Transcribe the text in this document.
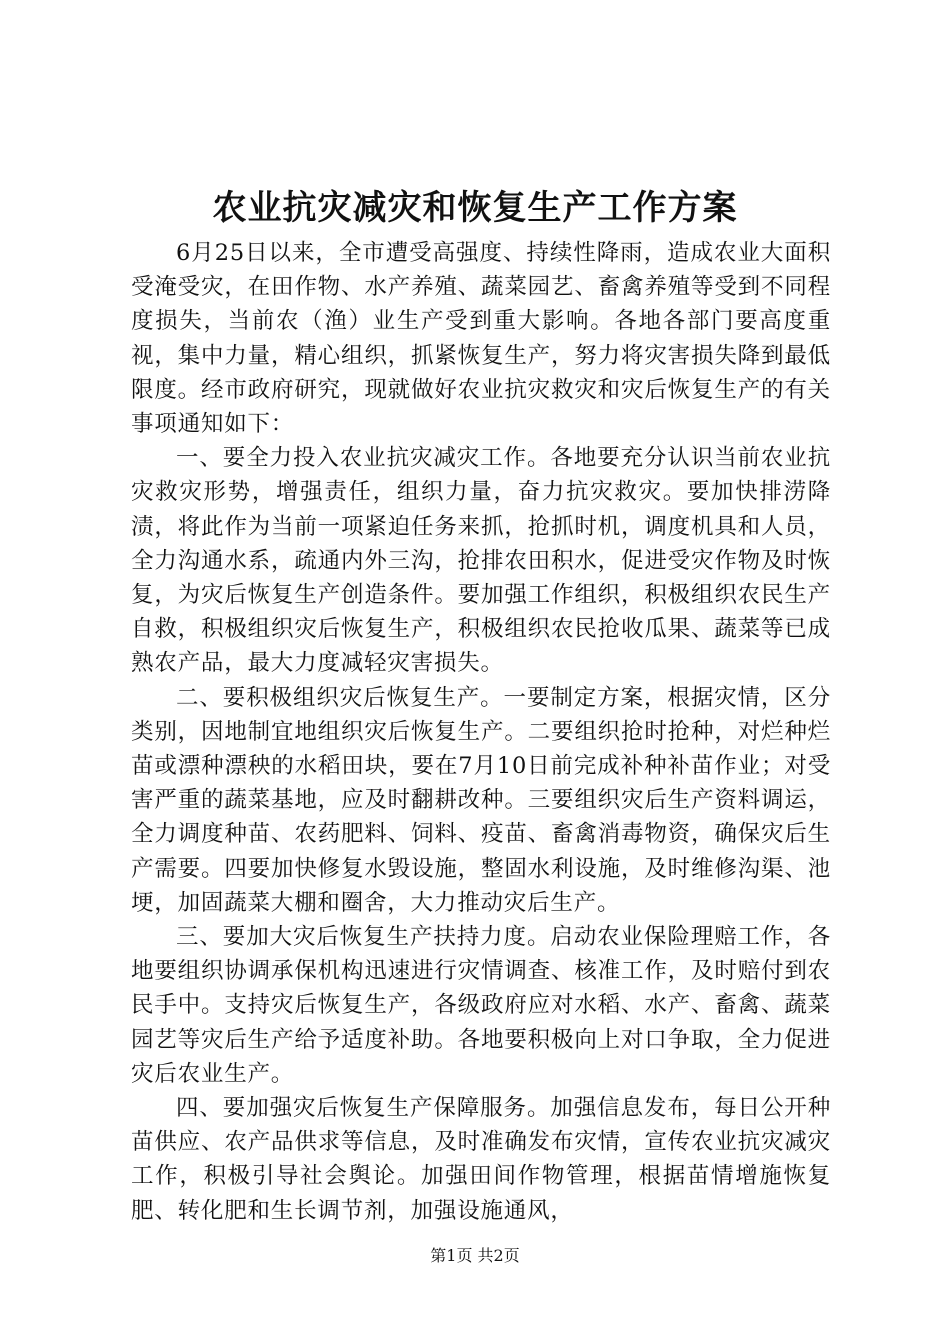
农业抗灾减灾和恢复生产工作方案

6月25日以来，全市遭受高强度、持续性降雨，造成农业大面积受淹受灾，在田作物、水产养殖、蔬菜园艺、畜禽养殖等受到不同程度损失，当前农（渔）业生产受到重大影响。各地各部门要高度重视，集中力量，精心组织，抓紧恢复生产，努力将灾害损失降到最低限度。经市政府研究，现就做好农业抗灾救灾和灾后恢复生产的有关事项通知如下：

一、要全力投入农业抗灾减灾工作。各地要充分认识当前农业抗灾救灾形势，增强责任，组织力量，奋力抗灾救灾。要加快排涝降渍，将此作为当前一项紧迫任务来抓，抢抓时机，调度机具和人员，全力沟通水系，疏通内外三沟，抢排农田积水，促进受灾作物及时恢复，为灾后恢复生产创造条件。要加强工作组织，积极组织农民生产自救，积极组织灾后恢复生产，积极组织农民抢收瓜果、蔬菜等已成熟农产品，最大力度减轻灾害损失。

二、要积极组织灾后恢复生产。一要制定方案，根据灾情，区分类别，因地制宜地组织灾后恢复生产。二要组织抢时抢种，对烂种烂苗或漂种漂秧的水稻田块，要在7月10日前完成补种补苗作业；对受害严重的蔬菜基地，应及时翻耕改种。三要组织灾后生产资料调运，全力调度种苗、农药肥料、饲料、疫苗、畜禽消毒物资，确保灾后生产需要。四要加快修复水毁设施，整固水利设施，及时维修沟渠、池埂，加固蔬菜大棚和圈舍，大力推动灾后生产。

三、要加大灾后恢复生产扶持力度。启动农业保险理赔工作，各地要组织协调承保机构迅速进行灾情调查、核准工作，及时赔付到农民手中。支持灾后恢复生产，各级政府应对水稻、水产、畜禽、蔬菜园艺等灾后生产给予适度补助。各地要积极向上对口争取，全力促进灾后农业生产。

四、要加强灾后恢复生产保障服务。加强信息发布，每日公开种苗供应、农产品供求等信息，及时准确发布灾情，宣传农业抗灾减灾工作，积极引导社会舆论。加强田间作物管理，根据苗情增施恢复肥、转化肥和生长调节剂，加强设施通风，

第1页 共2页
